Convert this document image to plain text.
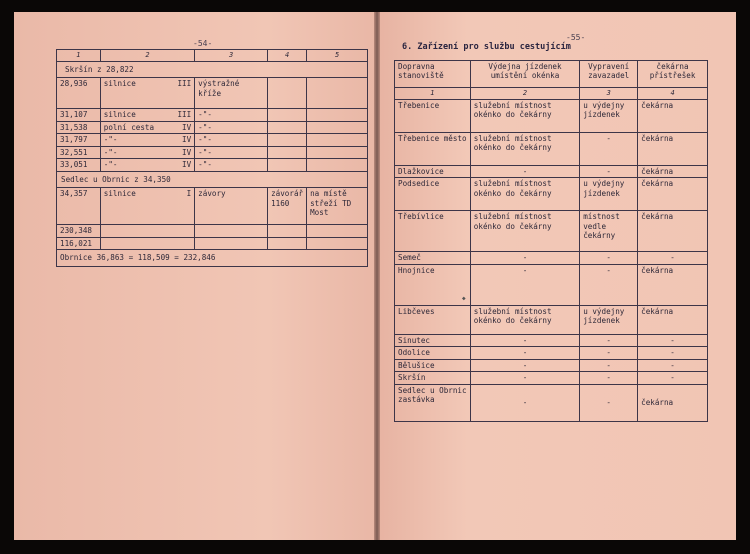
-54-
-55-
6. Zařízení pro službu cestujícím
1	2	3	4	5
Skršín z 28,822				
28,936	silnice III	výstražné kříže		
31,107	silnice III	-"-		
31,538	polní cesta IV	-"-		
31,797	-"- IV	-"-		
32,551	-"- IV	-"-		
33,051	-"- IV	-"-		
Sedlec u Obrnic z 34,350				
34,357	silnice I	závory	závorář 1160	na místě střeží TD Most
230,348				
116,021				
Obrnice 36,863 = 118,509 = 232,846				
Dopravna stanoviště	Výdejna jízdenek umístění okénka	Vypravení zavazadel	čekárna přístřešek
1	2	3	4
Třebenice	služební místnost okénko do čekárny	u výdejny jízdenek	čekárna
Třebenice město	služební místnost okénko do čekárny	-	čekárna
Dlažkovice	-	-	čekárna
Podsedice	služební místnost okénko do čekárny	u výdejny jízdenek	čekárna
Třebívlice	služební místnost okénko do čekárny	místnost vedle čekárny	čekárna
Semeč	-	-	-
Hnojnice	-	-	čekárna
Libčeves	služební místnost okénko do čekárny	u výdejny jízdenek	čekárna
Sinutec	-	-	-
Odolice	-	-	-
Bělušice	-	-	-
Skršín	-	-	-
Sedlec u Obrnic zastávka	-	-	čekárna
◆
